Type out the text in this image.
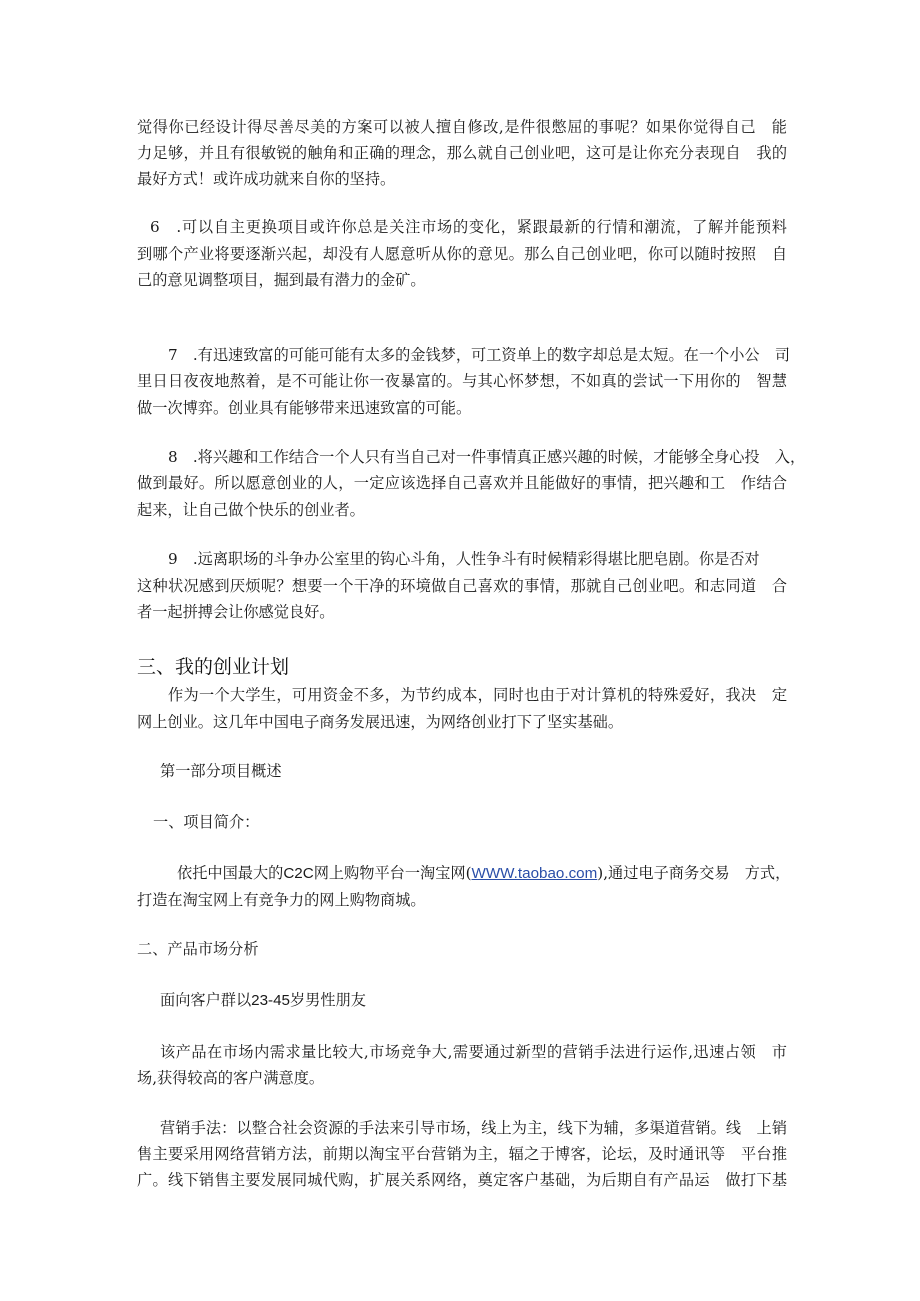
觉得你已经设计得尽善尽美的方案可以被人擅自修改,是件很憋屈的事呢？如果你觉得自己　能
力足够，并且有很敏锐的触角和正确的理念，那么就自己创业吧，这可是让你充分表现自　我的
最好方式！或许成功就来自你的坚持。
6　.可以自主更换项目或许你总是关注市场的变化，紧跟最新的行情和潮流，了解并能预料
到哪个产业将要逐渐兴起，却没有人愿意听从你的意见。那么自己创业吧，你可以随时按照　自
己的意见调整项目，掘到最有潜力的金矿。
7　.有迅速致富的可能可能有太多的金钱梦，可工资单上的数字却总是太短。在一个小公　司
里日日夜夜地熬着，是不可能让你一夜暴富的。与其心怀梦想，不如真的尝试一下用你的　智慧
做一次博弈。创业具有能够带来迅速致富的可能。
8　.将兴趣和工作结合一个人只有当自己对一件事情真正感兴趣的时候，才能够全身心投　入，
做到最好。所以愿意创业的人，一定应该选择自己喜欢并且能做好的事情，把兴趣和工　作结合
起来，让自己做个快乐的创业者。
9　.远离职场的斗争办公室里的钩心斗角，人性争斗有时候精彩得堪比肥皂剧。你是否对
这种状况感到厌烦呢？想要一个干净的环境做自己喜欢的事情，那就自己创业吧。和志同道　合
者一起拼搏会让你感觉良好。
三、我的创业计划
作为一个大学生，可用资金不多，为节约成本，同时也由于对计算机的特殊爱好，我决　定
网上创业。这几年中国电子商务发展迅速，为网络创业打下了坚实基础。
第一部分项目概述
一、项目简介：
依托中国最大的C2C网上购物平台一淘宝网(WWW.taobao.com),通过电子商务交易　方式，
打造在淘宝网上有竞争力的网上购物商城。
二、产品市场分析
面向客户群以23-45岁男性朋友
该产品在市场内需求量比较大,市场竞争大,需要通过新型的营销手法进行运作,迅速占领　市
场,获得较高的客户满意度。
营销手法：以整合社会资源的手法来引导市场，线上为主，线下为辅，多渠道营销。线　上销
售主要采用网络营销方法，前期以淘宝平台营销为主，辐之于博客，论坛，及时通讯等　平台推
广。线下销售主要发展同城代购，扩展关系网络，奠定客户基础，为后期自有产品运　做打下基
